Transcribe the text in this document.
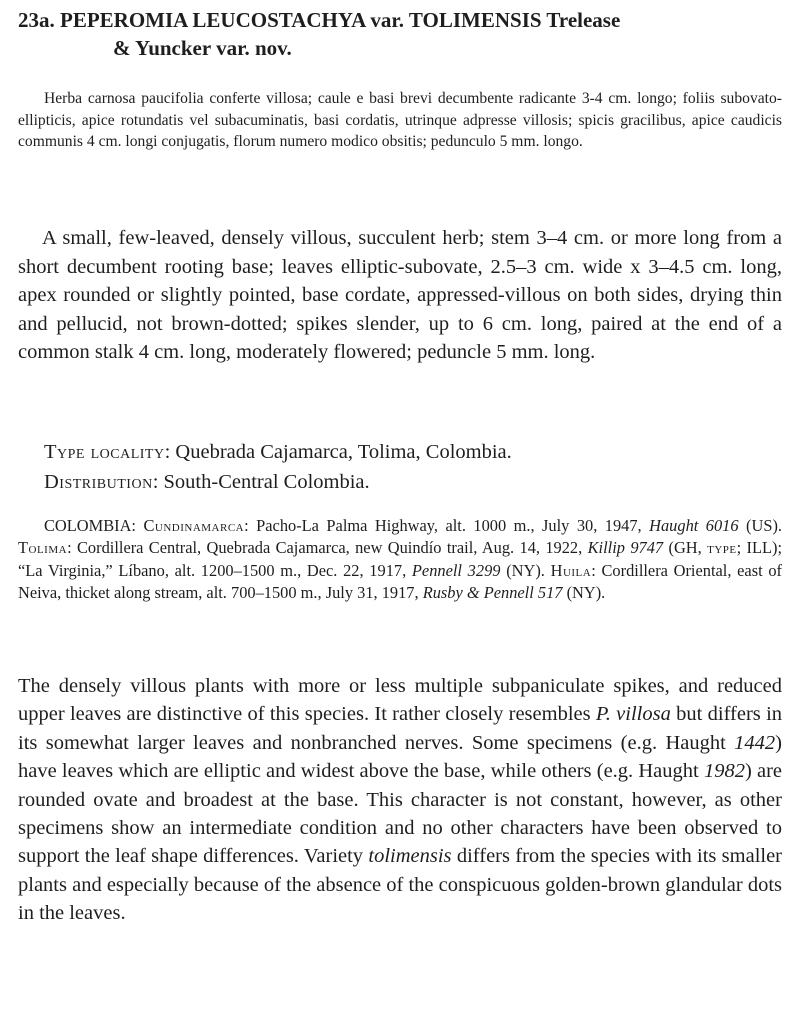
23a. PEPEROMIA LEUCOSTACHYA var. TOLIMENSIS Trelease
& Yuncker var. nov.

Herba carnosa paucifolia conferte villosa; caule e basi brevi decumbente radicante 3-4 cm. longo; foliis subovato-ellipticis, apice rotundatis vel subacuminatis, basi cordatis, utrinque adpresse villosis; spicis gracilibus, apice caudicis communis 4 cm. longi conjugatis, florum numero modico obsitis; pedunculo 5 mm. longo.

A small, few-leaved, densely villous, succulent herb; stem 3–4 cm. or more long from a short decumbent rooting base; leaves elliptic-subovate, 2.5–3 cm. wide x 3–4.5 cm. long, apex rounded or slightly pointed, base cordate, appressed-villous on both sides, drying thin and pellucid, not brown-dotted; spikes slender, up to 6 cm. long, paired at the end of a common stalk 4 cm. long, moderately flowered; peduncle 5 mm. long.

Type locality: Quebrada Cajamarca, Tolima, Colombia.

Distribution: South-Central Colombia.

COLOMBIA: Cundinamarca: Pacho-La Palma Highway, alt. 1000 m., July 30, 1947, Haught 6016 (US). Tolima: Cordillera Central, Quebrada Cajamarca, new Quindío trail, Aug. 14, 1922, Killip 9747 (GH, type; ILL); “La Virginia,” Líbano, alt. 1200–1500 m., Dec. 22, 1917, Pennell 3299 (NY). Huila: Cordillera Oriental, east of Neiva, thicket along stream, alt. 700–1500 m., July 31, 1917, Rusby & Pennell 517 (NY).

The densely villous plants with more or less multiple subpaniculate spikes, and reduced upper leaves are distinctive of this species. It rather closely resembles P. villosa but differs in its somewhat larger leaves and nonbranched nerves. Some specimens (e.g. Haught 1442) have leaves which are elliptic and widest above the base, while others (e.g. Haught 1982) are rounded ovate and broadest at the base. This character is not constant, however, as other specimens show an intermediate condition and no other characters have been observed to support the leaf shape differences. Variety tolimensis differs from the species with its smaller plants and especially because of the absence of the conspicuous golden-brown glandular dots in the leaves.
